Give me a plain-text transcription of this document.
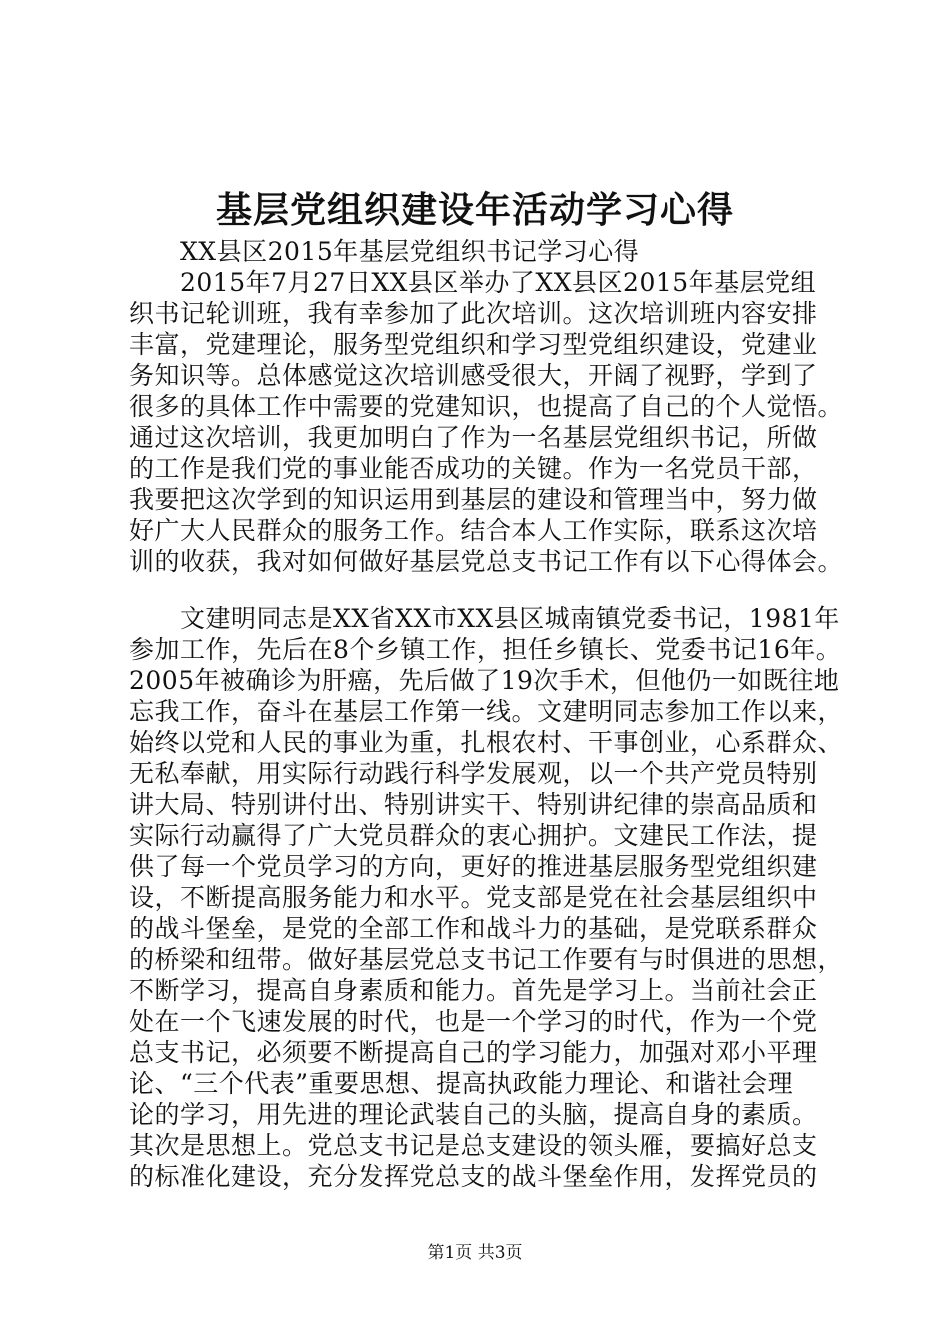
基层党组织建设年活动学习心得
XX县区2015年基层党组织书记学习心得
2015年7月27日XX县区举办了XX县区2015年基层党组
织书记轮训班，我有幸参加了此次培训。这次培训班内容安排
丰富，党建理论，服务型党组织和学习型党组织建设，党建业
务知识等。总体感觉这次培训感受很大，开阔了视野，学到了
很多的具体工作中需要的党建知识，也提高了自己的个人觉悟。
通过这次培训，我更加明白了作为一名基层党组织书记，所做
的工作是我们党的事业能否成功的关键。作为一名党员干部，
我要把这次学到的知识运用到基层的建设和管理当中，努力做
好广大人民群众的服务工作。结合本人工作实际，联系这次培
训的收获，我对如何做好基层党总支书记工作有以下心得体会。
文建明同志是XX省XX市XX县区城南镇党委书记，1981年
参加工作，先后在8个乡镇工作，担任乡镇长、党委书记16年。
2005年被确诊为肝癌，先后做了19次手术，但他仍一如既往地
忘我工作，奋斗在基层工作第一线。文建明同志参加工作以来，
始终以党和人民的事业为重，扎根农村、干事创业，心系群众、
无私奉献，用实际行动践行科学发展观，以一个共产党员特别
讲大局、特别讲付出、特别讲实干、特别讲纪律的崇高品质和
实际行动赢得了广大党员群众的衷心拥护。文建民工作法，提
供了每一个党员学习的方向，更好的推进基层服务型党组织建
设，不断提高服务能力和水平。党支部是党在社会基层组织中
的战斗堡垒，是党的全部工作和战斗力的基础，是党联系群众
的桥梁和纽带。做好基层党总支书记工作要有与时俱进的思想，
不断学习，提高自身素质和能力。首先是学习上。当前社会正
处在一个飞速发展的时代，也是一个学习的时代，作为一个党
总支书记，必须要不断提高自己的学习能力，加强对邓小平理
论、“三个代表”重要思想、提高执政能力理论、和谐社会理
论的学习，用先进的理论武装自己的头脑，提高自身的素质。
其次是思想上。党总支书记是总支建设的领头雁，要搞好总支
的标准化建设，充分发挥党总支的战斗堡垒作用，发挥党员的
第1页 共3页
